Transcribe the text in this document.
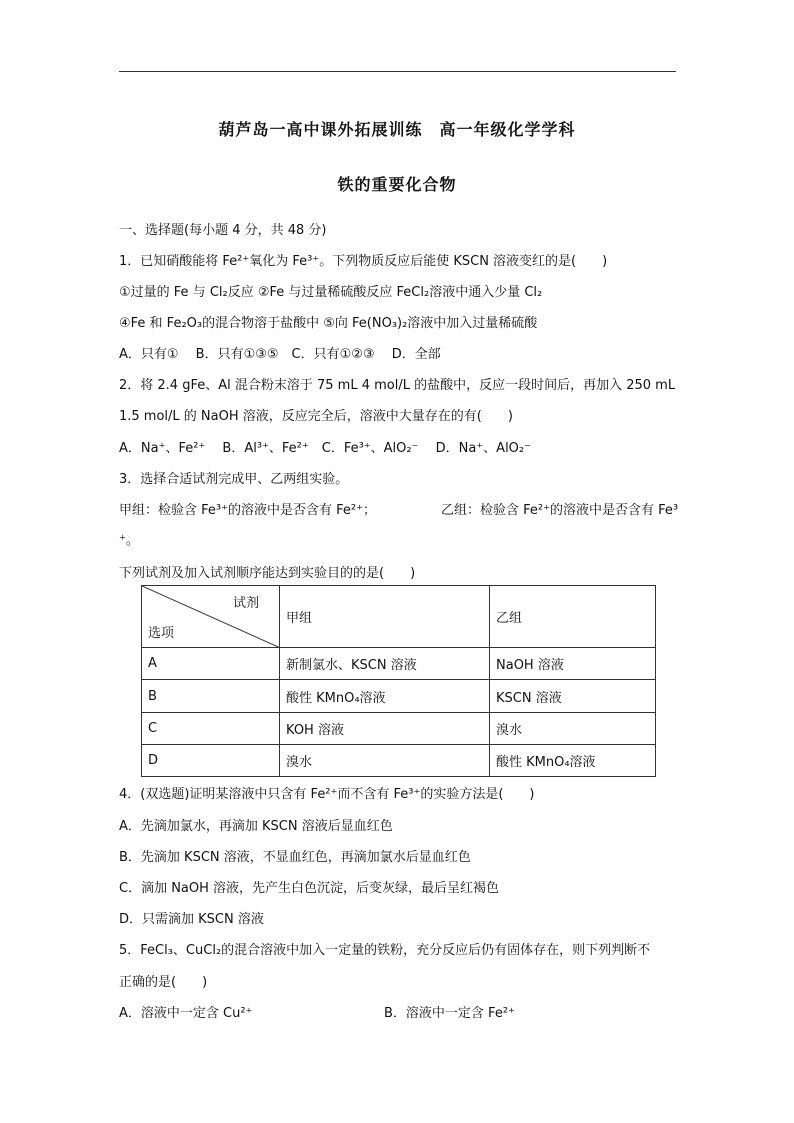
葫芦岛一高中课外拓展训练　高一年级化学学科
铁的重要化合物
一、选择题(每小题 4 分，共 48 分)
1．已知硝酸能将 Fe²⁺氧化为 Fe³⁺。下列物质反应后能使 KSCN 溶液变红的是(　　)
①过量的 Fe 与 Cl₂反应 ②Fe 与过量稀硫酸反应 FeCl₂溶液中通入少量 Cl₂
④Fe 和 Fe₂O₃的混合物溶于盐酸中 ⑤向 Fe(NO₃)₂溶液中加入过量稀硫酸
A．只有①　 B．只有①③⑤　C．只有①②③　 D．全部
2．将 2.4 gFe、Al 混合粉末溶于 75 mL 4 mol/L 的盐酸中，反应一段时间后，再加入 250 mL
1.5 mol/L 的 NaOH 溶液，反应完全后，溶液中大量存在的有(　　)
A．Na⁺、Fe²⁺　 B．Al³⁺、Fe²⁺　C．Fe³⁺、AlO₂⁻　 D．Na⁺、AlO₂⁻
3．选择合适试剂完成甲、乙两组实验。
甲组：检验含 Fe³⁺的溶液中是否含有 Fe²⁺；	乙组：检验含 Fe²⁺的溶液中是否含有 Fe³
⁺。
下列试剂及加入试剂顺序能达到实验目的的是(　　)
试剂
选项	甲组	乙组
A	新制氯水、KSCN 溶液	NaOH 溶液
B	酸性 KMnO₄溶液	KSCN 溶液
C	KOH 溶液	溴水
D	溴水	酸性 KMnO₄溶液
4．(双选题)证明某溶液中只含有 Fe²⁺而不含有 Fe³⁺的实验方法是(　　)
A．先滴加氯水，再滴加 KSCN 溶液后显血红色
B．先滴加 KSCN 溶液，不显血红色，再滴加氯水后显血红色
C．滴加 NaOH 溶液，先产生白色沉淀，后变灰绿，最后呈红褐色
D．只需滴加 KSCN 溶液
5．FeCl₃、CuCl₂的混合溶液中加入一定量的铁粉，充分反应后仍有固体存在，则下列判断不
正确的是(　　)
A．溶液中一定含 Cu²⁺	B．溶液中一定含 Fe²⁺
